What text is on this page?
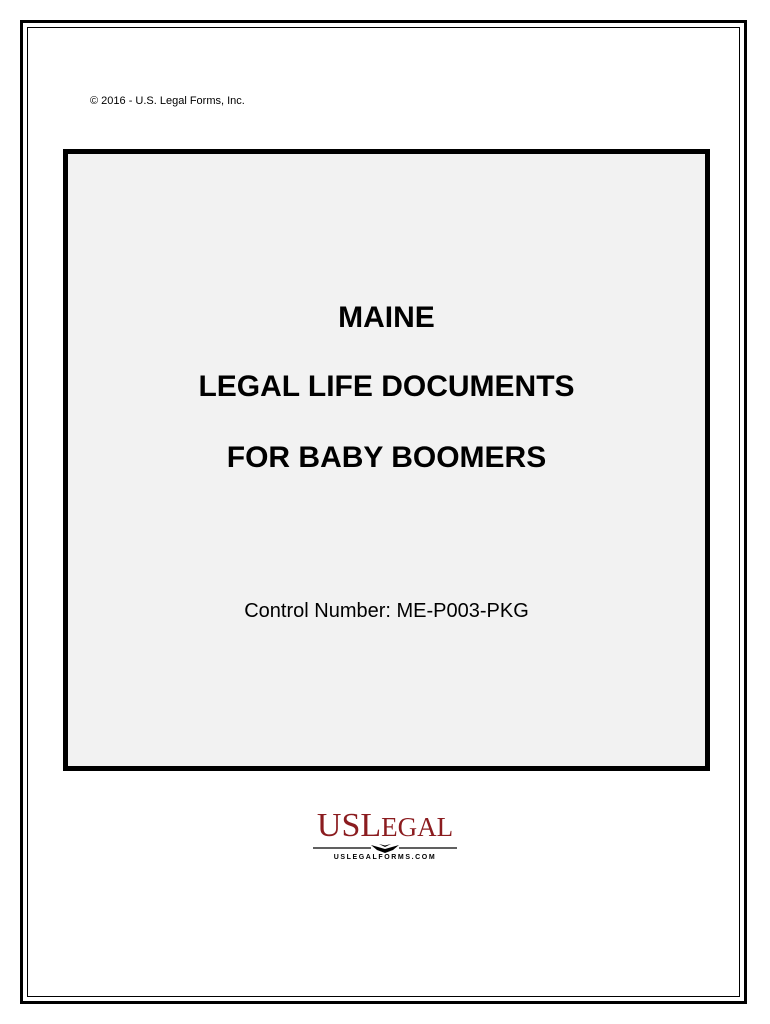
© 2016 - U.S. Legal Forms, Inc.
MAINE
LEGAL LIFE DOCUMENTS
FOR BABY BOOMERS
Control Number: ME-P003-PKG
USLEGAL
USLEGALFORMS.COM
